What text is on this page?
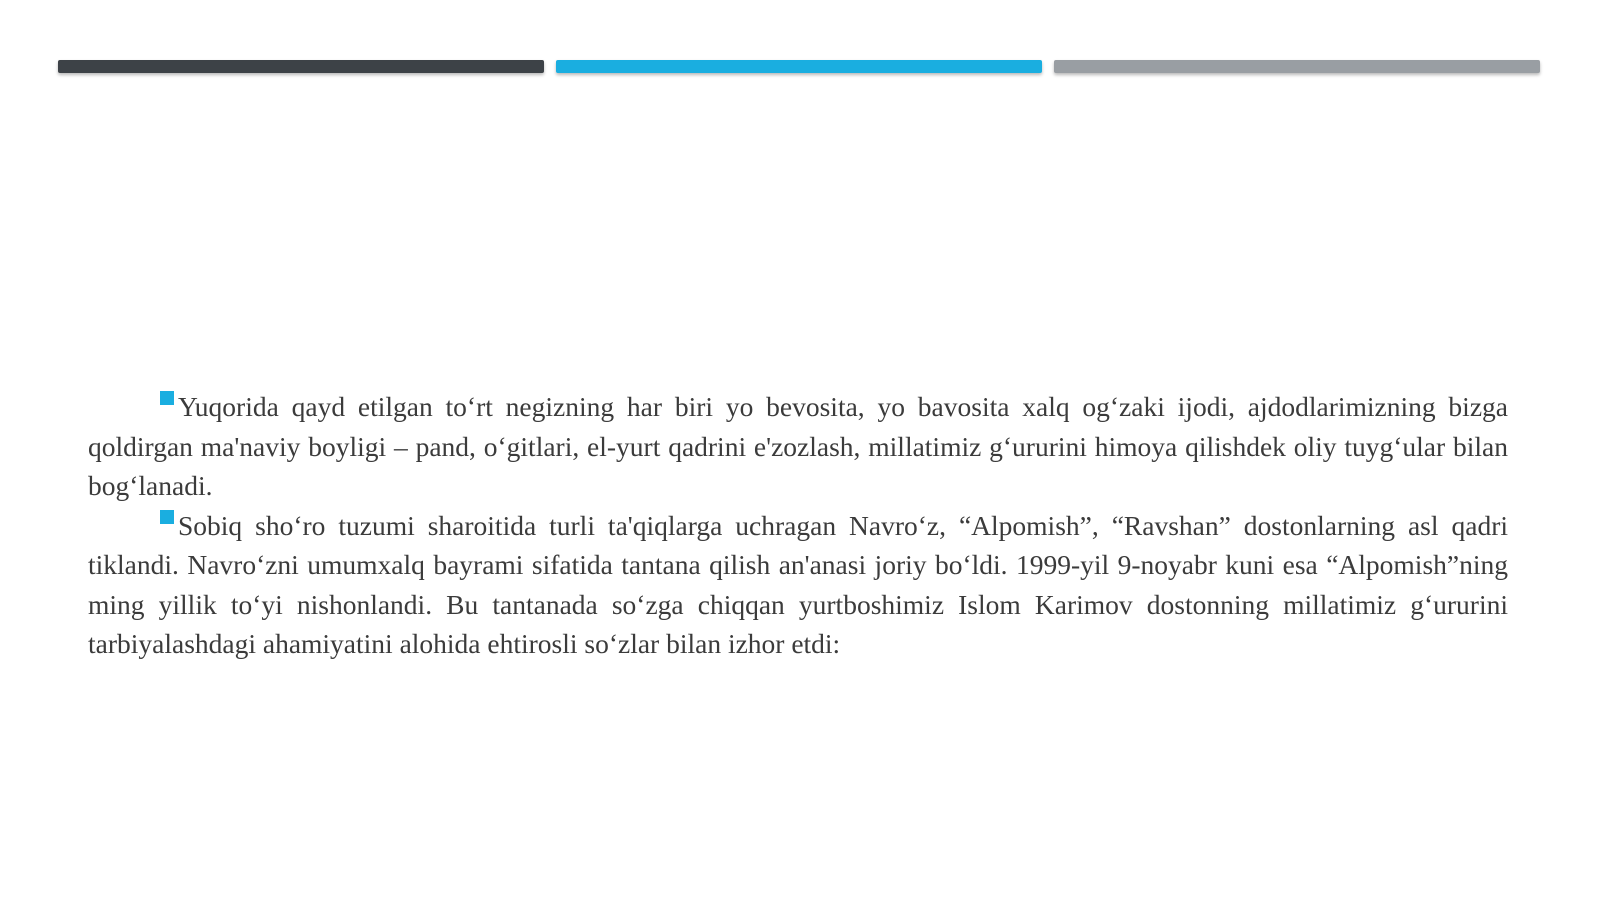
Yuqorida qayd etilgan to‘rt negizning har biri yo bevosita, yo bavosita xalq og‘zaki ijodi, ajdodlarimizning bizga qoldirgan ma'naviy boyligi – pand, o‘gitlari, el-yurt qadrini e'zozlash, millatimiz g‘ururini himoya qilishdek oliy tuyg‘ular bilan bog‘lanadi.

Sobiq sho‘ro tuzumi sharoitida turli ta'qiqlarga uchragan Navro‘z, “Alpomish”, “Ravshan” dostonlarning asl qadri tiklandi. Navro‘zni umumxalq bayrami sifatida tantana qilish an'anasi joriy bo‘ldi. 1999-yil 9-noyabr kuni esa “Alpomish”ning ming yillik to‘yi nishonlandi. Bu tantanada so‘zga chiqqan yurtboshimiz Islom Karimov dostonning millatimiz g‘ururini tarbiyalashdagi ahamiyatini alohida ehtirosli so‘zlar bilan izhor etdi:
